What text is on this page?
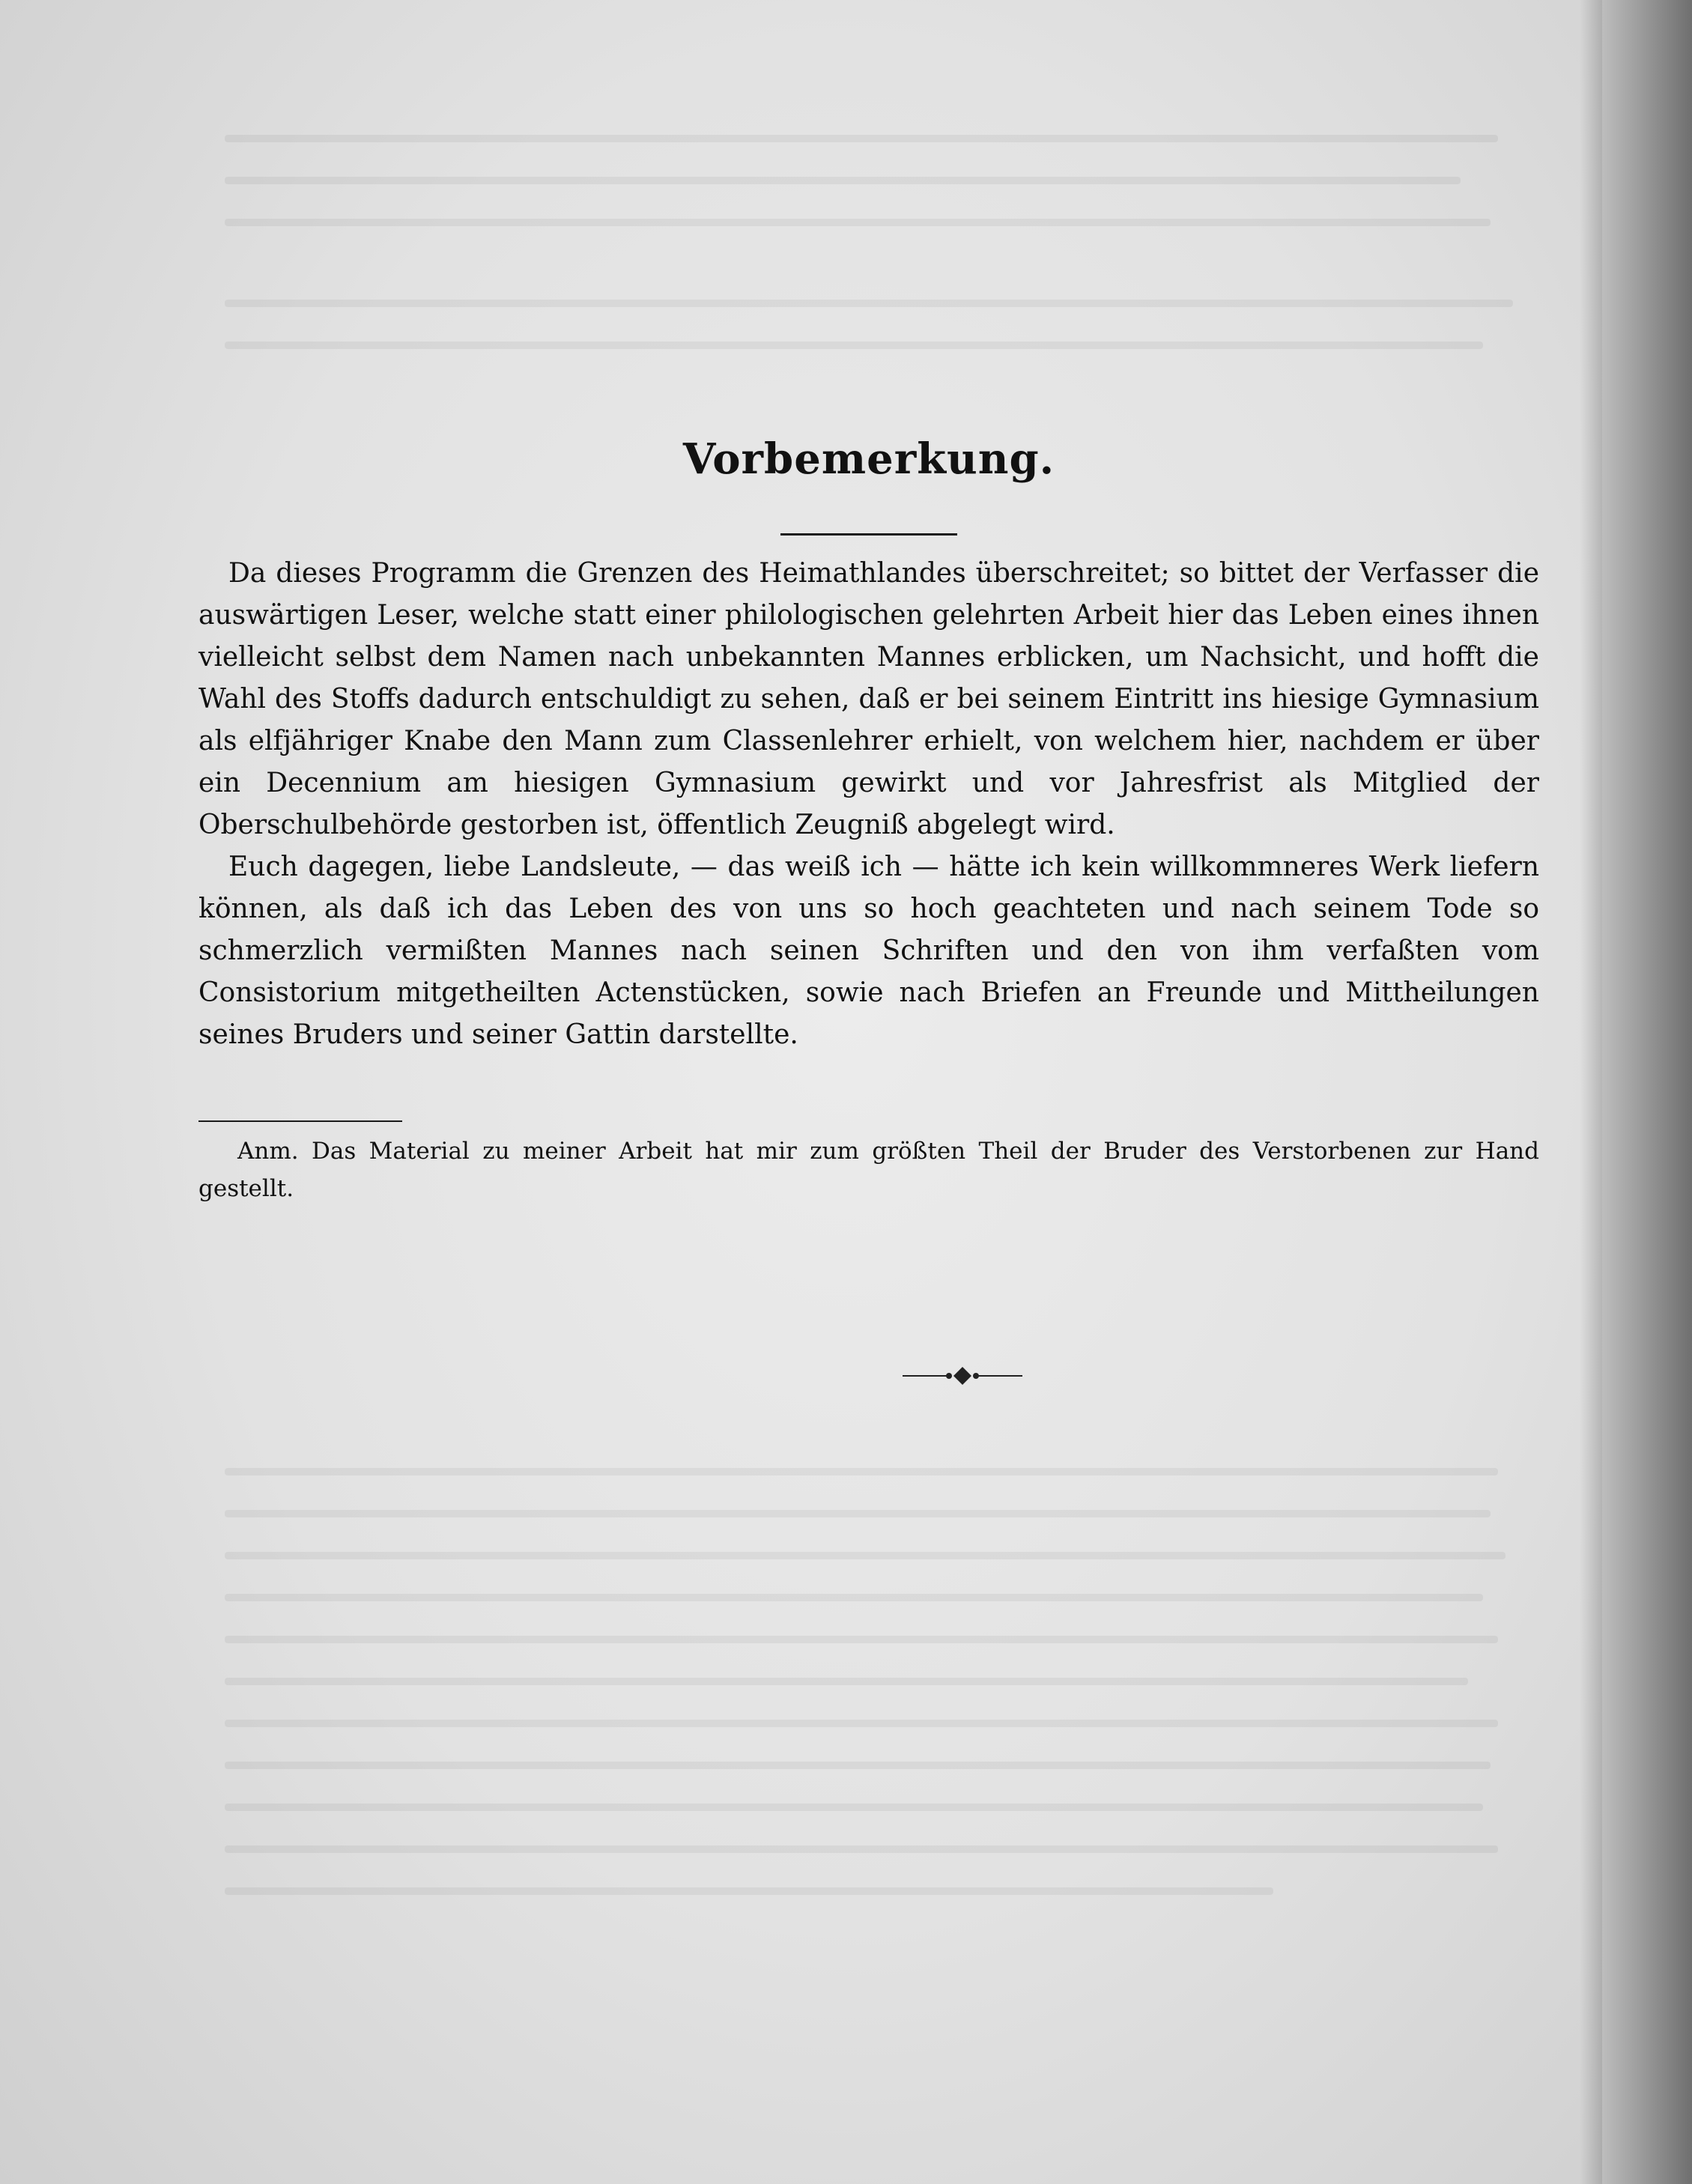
Vorbemerkung.

Da dieses Programm die Grenzen des Heimathlandes überschreitet; so bittet der Verfasser die auswärtigen Leser, welche statt einer philologischen gelehrten Arbeit hier das Leben eines ihnen vielleicht selbst dem Namen nach unbekannten Mannes erblicken, um Nachsicht, und hofft die Wahl des Stoffs dadurch entschuldigt zu sehen, daß er bei seinem Eintritt ins hiesige Gymnasium als elfjähriger Knabe den Mann zum Classenlehrer erhielt, von welchem hier, nachdem er über ein Decennium am hiesigen Gymnasium gewirkt und vor Jahresfrist als Mitglied der Oberschulbehörde gestorben ist, öffentlich Zeugniß abgelegt wird.

Euch dagegen, liebe Landsleute, — das weiß ich — hätte ich kein willkommneres Werk liefern können, als daß ich das Leben des von uns so hoch geachteten und nach seinem Tode so schmerzlich vermißten Mannes nach seinen Schriften und den von ihm verfaßten vom Consistorium mitgetheilten Actenstücken, sowie nach Briefen an Freunde und Mittheilungen seines Bruders und seiner Gattin darstellte.

Anm. Das Material zu meiner Arbeit hat mir zum größten Theil der Bruder des Verstorbenen zur Hand gestellt.
